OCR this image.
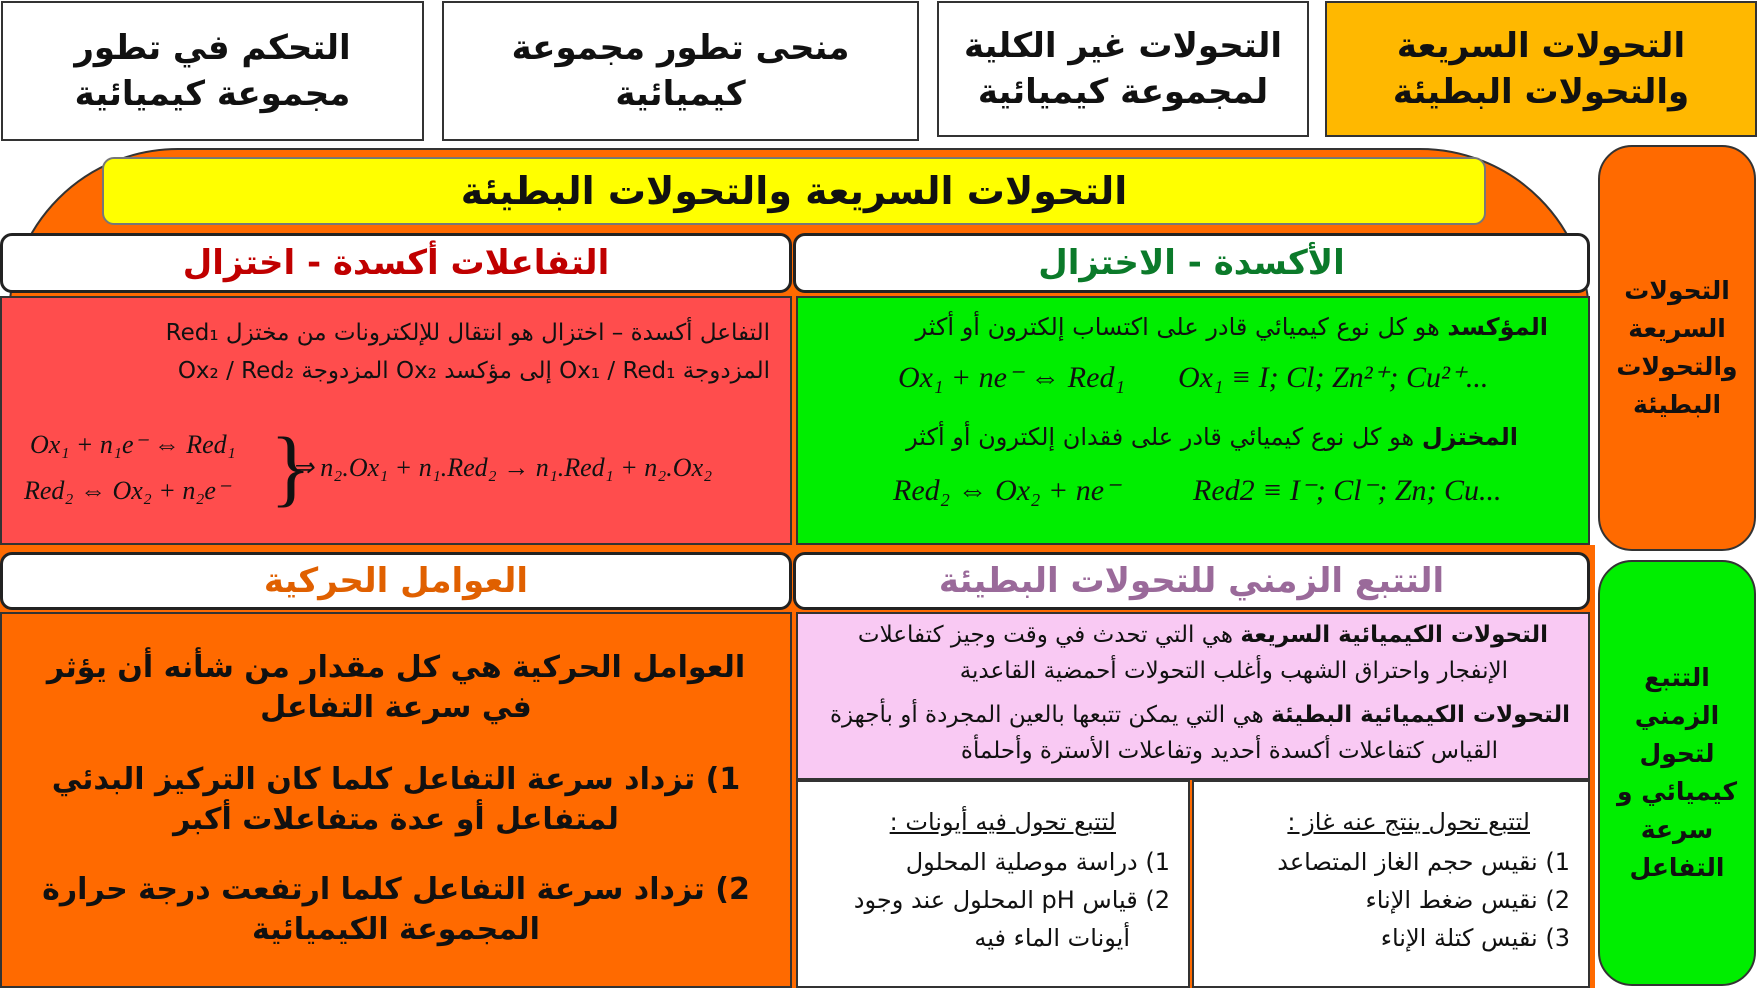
التحولات السريعة والتحولات البطيئة
التحولات غير الكلية لمجموعة كيميائية
منحى تطور مجموعة كيميائية
التحكم في تطور مجموعة كيميائية
التحولات السريعة والتحولات البطيئة
التتبع الزمني لتحول كيميائي و سرعة التفاعل
التحولات السريعة والتحولات البطيئة
الأكسدة - الاختزال
التفاعلات أكسدة - اختزال
المؤكسد هو كل نوع كيميائي قادر على اكتساب إلكترون أو أكثر
Ox₁ + ne⁻ ⇔ Red₁ Ox₁ ≡ I; Cl; Zn²⁺; Cu²⁺...
المختزل هو كل نوع كيميائي قادر على فقدان إلكترون أو أكثر
Red₂ ⇔ Ox₂ + ne⁻ Red2 ≡ I⁻; Cl⁻; Zn; Cu...
التفاعل أكسدة – اختزال هو انتقال للإلكترونات من مختزل Red₁
المزدوجة Ox₁ / Red₁ إلى مؤكسد Ox₂ المزدوجة Ox₂ / Red₂
Ox₁ + n₁e⁻ ⇔ Red₁
Red₂ ⇔ Ox₂ + n₂e⁻ }
⇒ n₂.Ox₁ + n₁.Red₂ → n₁.Red₁ + n₂.Ox₂
العوامل الحركية	التتبع الزمني للتحولات البطيئة
العوامل الحركية هي كل مقدار من شأنه أن يؤثر في سرعة التفاعل
1) تزداد سرعة التفاعل كلما كان التركيز البدئي لمتفاعل أو عدة متفاعلات أكبر
2) تزداد سرعة التفاعل كلما ارتفعت درجة حرارة المجموعة الكيميائية
التحولات الكيميائية السريعة هي التي تحدث في وقت وجيز كتفاعلات
الإنفجار واحتراق الشهب وأغلب التحولات أحمضية القاعدية
التحولات الكيميائية البطيئة هي التي يمكن تتبعها بالعين المجردة أو بأجهزة
القياس كتفاعلات أكسدة أحديد وتفاعلات الأسترة وأحلمأة
لتتبع تحول ينتج عنه غاز :
1) نقيس حجم الغاز المتصاعد
2) نقيس ضغط الإناء
3) نقيس كتلة الإناء
لتتبع تحول فيه أيونات :
1) دراسة موصلية المحلول
2) قياس pH المحلول عند وجود
أيونات الماء فيه
